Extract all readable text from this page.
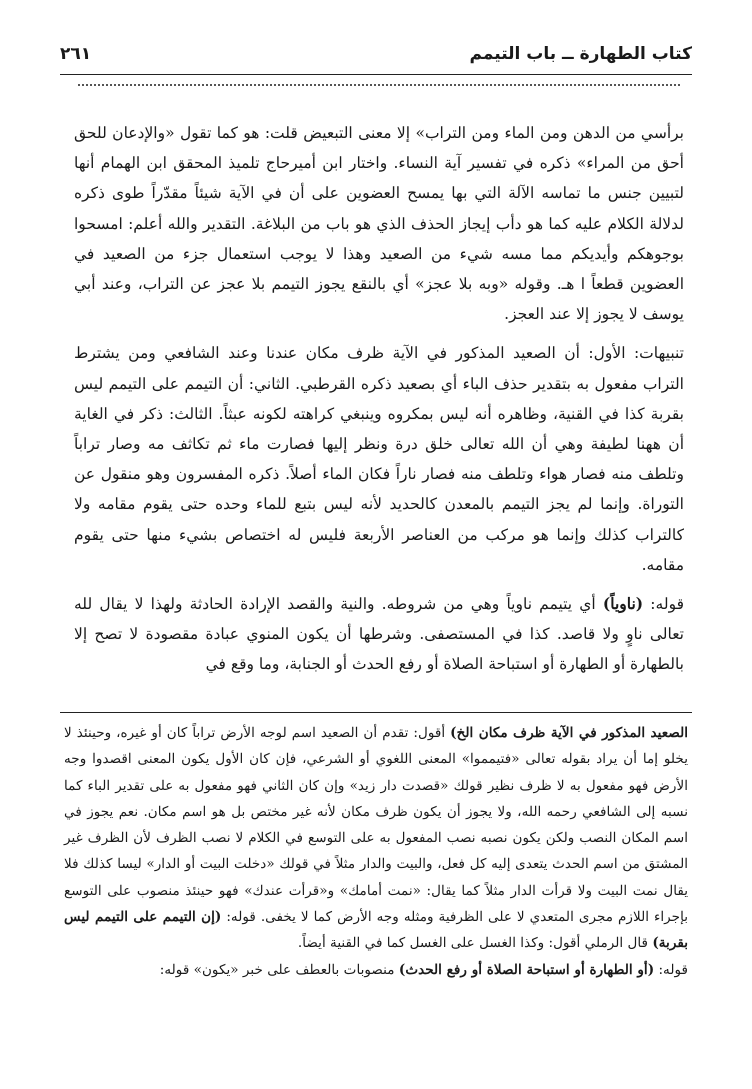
كتاب الطهارة ــ باب التيمم
٢٦١

برأسي من الدهن ومن الماء ومن التراب» إلا معنى التبعيض قلت: هو كما تقول «والإدعان للحق أحق من المراء» ذكره في تفسير آية النساء. واختار ابن أميرحاج تلميذ المحقق ابن الهمام أنها لتبيين جنس ما تماسه الآلة التي بها يمسح العضوين على أن في الآية شيئاً مقدّراً طوى ذكره لدلالة الكلام عليه كما هو دأب إيجاز الحذف الذي هو باب من البلاغة. التقدير والله أعلم: امسحوا بوجوهكم وأيديكم مما مسه شيء من الصعيد وهذا لا يوجب استعمال جزء من الصعيد في العضوين قطعاً ا هـ. وقوله «وبه بلا عجز» أي بالنقع يجوز التيمم بلا عجز عن التراب، وعند أبي يوسف لا يجوز إلا عند العجز.

تنبيهات: الأول: أن الصعيد المذكور في الآية ظرف مكان عندنا وعند الشافعي ومن يشترط التراب مفعول به بتقدير حذف الباء أي بصعيد ذكره القرطبي. الثاني: أن التيمم على التيمم ليس بقربة كذا في القنية، وظاهره أنه ليس بمكروه وينبغي كراهته لكونه عبثاً. الثالث: ذكر في الغاية أن ههنا لطيفة وهي أن الله تعالى خلق درة ونظر إليها فصارت ماء ثم تكاثف مه وصار تراباً وتلطف منه فصار هواء وتلطف منه فصار ناراً فكان الماء أصلاً. ذكره المفسرون وهو منقول عن التوراة. وإنما لم يجز التيمم بالمعدن كالحديد لأنه ليس بتبع للماء وحده حتى يقوم مقامه ولا كالتراب كذلك وإنما هو مركب من العناصر الأربعة فليس له اختصاص بشيء منها حتى يقوم مقامه.

قوله: (ناوياً) أي يتيمم ناوياً وهي من شروطه. والنية والقصد الإرادة الحادثة ولهذا لا يقال لله تعالى ناوٍ ولا قاصد. كذا في المستصفى. وشرطها أن يكون المنوي عبادة مقصودة لا تصح إلا بالطهارة أو الطهارة أو استباحة الصلاة أو رفع الحدث أو الجنابة، وما وقع في

الصعيد المذكور في الآية ظرف مكان الخ) أقول: تقدم أن الصعيد اسم لوجه الأرض تراباً كان أو غيره، وحينئذ لا يخلو إما أن يراد بقوله تعالى «فتيمموا» المعنى اللغوي أو الشرعي، فإن كان الأول يكون المعنى اقصدوا وجه الأرض فهو مفعول به لا ظرف نظير قولك «قصدت دار زيد» وإن كان الثاني فهو مفعول به على تقدير الباء كما نسبه إلى الشافعي رحمه الله، ولا يجوز أن يكون ظرف مكان لأنه غير مختص بل هو اسم مكان. نعم يجوز في اسم المكان النصب ولكن يكون نصبه نصب المفعول به على التوسع في الكلام لا نصب الظرف لأن الظرف غير المشتق من اسم الحدث يتعدى إليه كل فعل، والبيت والدار مثلاً في قولك «دخلت البيت أو الدار» ليسا كذلك فلا يقال نمت البيت ولا قرأت الدار مثلاً كما يقال: «نمت أمامك» و«قرأت عندك» فهو حينئذ منصوب على التوسع بإجراء اللازم مجرى المتعدي لا على الظرفية ومثله وجه الأرض كما لا يخفى. قوله: (إن التيمم على التيمم ليس بقربة) قال الرملي أقول: وكذا الغسل على الغسل كما في القنية أيضاً.

قوله: (أو الطهارة أو استباحة الصلاة أو رفع الحدث) منصوبات بالعطف على خبر «يكون» قوله:
